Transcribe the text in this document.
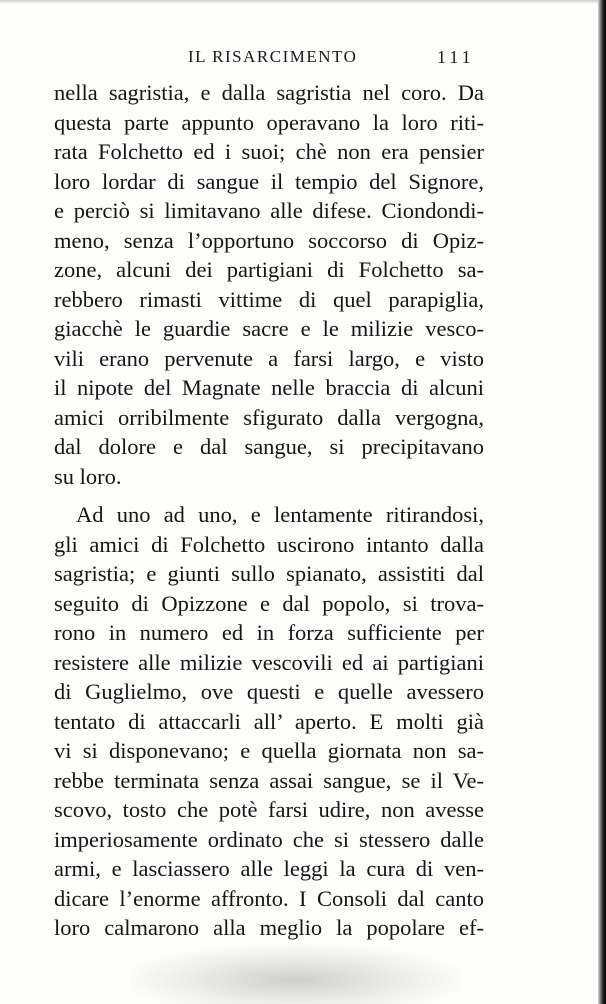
IL RISARCIMENTO	111
nella sagristia, e dalla sagristia nel coro. Da
questa parte appunto operavano la loro riti-
rata Folchetto ed i suoi; chè non era pensier
loro lordar di sangue il tempio del Signore,
e perciò si limitavano alle difese. Ciondondi-
meno, senza l’opportuno soccorso di Opiz-
zone, alcuni dei partigiani di Folchetto sa-
rebbero rimasti vittime di quel parapiglia,
giacchè le guardie sacre e le milizie vesco-
vili erano pervenute a farsi largo, e visto
il nipote del Magnate nelle braccia di alcuni
amici orribilmente sfigurato dalla vergogna,
dal dolore e dal sangue, si precipitavano
su loro.
Ad uno ad uno, e lentamente ritirandosi,
gli amici di Folchetto uscirono intanto dalla
sagristia; e giunti sullo spianato, assistiti dal
seguito di Opizzone e dal popolo, si trova-
rono in numero ed in forza sufficiente per
resistere alle milizie vescovili ed ai partigiani
di Guglielmo, ove questi e quelle avessero
tentato di attaccarli all’ aperto. E molti già
vi si disponevano; e quella giornata non sa-
rebbe terminata senza assai sangue, se il Ve-
scovo, tosto che potè farsi udire, non avesse
imperiosamente ordinato che si stessero dalle
armi, e lasciassero alle leggi la cura di ven-
dicare l’enorme affronto. I Consoli dal canto
loro calmarono alla meglio la popolare ef-
